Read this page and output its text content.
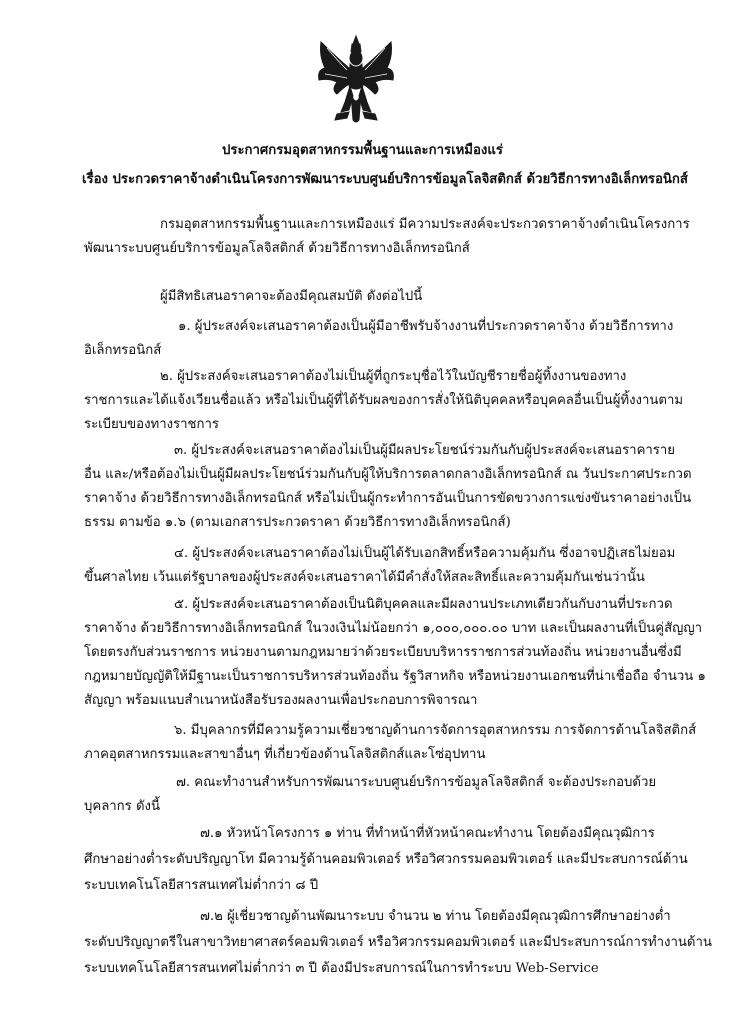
ประกาศกรมอุตสาหกรรมพื้นฐานและการเหมืองแร่
เรื่อง ประกวดราคาจ้างดำเนินโครงการพัฒนาระบบศูนย์บริการข้อมูลโลจิสติกส์ ด้วยวิธีการทางอิเล็กทรอนิกส์
กรมอุตสาหกรรมพื้นฐานและการเหมืองแร่ มีความประสงค์จะประกวดราคาจ้างดำเนินโครงการ
พัฒนาระบบศูนย์บริการข้อมูลโลจิสติกส์ ด้วยวิธีการทางอิเล็กทรอนิกส์
ผู้มีสิทธิเสนอราคาจะต้องมีคุณสมบัติ ดังต่อไปนี้
๑. ผู้ประสงค์จะเสนอราคาต้องเป็นผู้มีอาชีพรับจ้างงานที่ประกวดราคาจ้าง ด้วยวิธีการทาง
อิเล็กทรอนิกส์
๒. ผู้ประสงค์จะเสนอราคาต้องไม่เป็นผู้ที่ถูกระบุชื่อไว้ในบัญชีรายชื่อผู้ทิ้งงานของทาง
ราชการและได้แจ้งเวียนชื่อแล้ว หรือไม่เป็นผู้ที่ได้รับผลของการสั่งให้นิติบุคคลหรือบุคคลอื่นเป็นผู้ทิ้งงานตาม
ระเบียบของทางราชการ
๓. ผู้ประสงค์จะเสนอราคาต้องไม่เป็นผู้มีผลประโยชน์ร่วมกันกับผู้ประสงค์จะเสนอราคาราย
อื่น และ/หรือต้องไม่เป็นผู้มีผลประโยชน์ร่วมกันกับผู้ให้บริการตลาดกลางอิเล็กทรอนิกส์ ณ วันประกาศประกวด
ราคาจ้าง ด้วยวิธีการทางอิเล็กทรอนิกส์ หรือไม่เป็นผู้กระทำการอันเป็นการขัดขวางการแข่งขันราคาอย่างเป็น
ธรรม ตามข้อ ๑.๖ (ตามเอกสารประกวดราคา ด้วยวิธีการทางอิเล็กทรอนิกส์)
๔. ผู้ประสงค์จะเสนอราคาต้องไม่เป็นผู้ได้รับเอกสิทธิ์หรือความคุ้มกัน ซึ่งอาจปฏิเสธไม่ยอม
ขึ้นศาลไทย เว้นแต่รัฐบาลของผู้ประสงค์จะเสนอราคาได้มีคำสั่งให้สละสิทธิ์และความคุ้มกันเช่นว่านั้น
๕. ผู้ประสงค์จะเสนอราคาต้องเป็นนิติบุคคลและมีผลงานประเภทเดียวกันกับงานที่ประกวด
ราคาจ้าง ด้วยวิธีการทางอิเล็กทรอนิกส์ ในวงเงินไม่น้อยกว่า ๑,๐๐๐,๐๐๐.๐๐ บาท และเป็นผลงานที่เป็นคู่สัญญา
โดยตรงกับส่วนราชการ หน่วยงานตามกฎหมายว่าด้วยระเบียบบริหารราชการส่วนท้องถิ่น หน่วยงานอื่นซึ่งมี
กฎหมายบัญญัติให้มีฐานะเป็นราชการบริหารส่วนท้องถิ่น รัฐวิสาหกิจ หรือหน่วยงานเอกชนที่น่าเชื่อถือ จำนวน ๑
สัญญา พร้อมแนบสำเนาหนังสือรับรองผลงานเพื่อประกอบการพิจารณา
๖. มีบุคลากรที่มีความรู้ความเชี่ยวชาญด้านการจัดการอุตสาหกรรม การจัดการด้านโลจิสติกส์
ภาคอุตสาหกรรมและสาขาอื่นๆ ที่เกี่ยวข้องด้านโลจิสติกส์และโซ่อุปทาน
๗. คณะทำงานสำหรับการพัฒนาระบบศูนย์บริการข้อมูลโลจิสติกส์ จะต้องประกอบด้วย
บุคลากร ดังนี้
๗.๑ หัวหน้าโครงการ ๑ ท่าน ที่ทำหน้าที่หัวหน้าคณะทำงาน โดยต้องมีคุณวุฒิการ
ศึกษาอย่างต่ำระดับปริญญาโท มีความรู้ด้านคอมพิวเตอร์ หรือวิศวกรรมคอมพิวเตอร์ และมีประสบการณ์ด้าน
ระบบเทคโนโลยีสารสนเทศไม่ต่ำกว่า ๘ ปี
๗.๒ ผู้เชี่ยวชาญด้านพัฒนาระบบ จำนวน ๒ ท่าน โดยต้องมีคุณวุฒิการศึกษาอย่างต่ำ
ระดับปริญญาตรีในสาขาวิทยาศาสตร์คอมพิวเตอร์ หรือวิศวกรรมคอมพิวเตอร์ และมีประสบการณ์การทำงานด้าน
ระบบเทคโนโลยีสารสนเทศไม่ต่ำกว่า ๓ ปี ต้องมีประสบการณ์ในการทำระบบ Web-Service
